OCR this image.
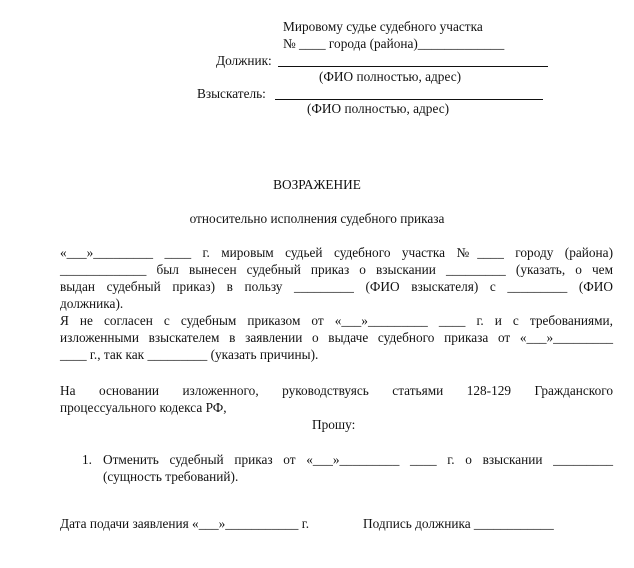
Мировому судье судебного участка
№ ____ города (района)_____________
Должник:
(ФИО полностью, адрес)
Взыскатель:
(ФИО полностью, адрес)
ВОЗРАЖЕНИЕ
относительно исполнения судебного приказа
«___»_________ ____ г. мировым судьей судебного участка №____ городу (района)
_____________ был вынесен судебный приказ о взыскании _________ (указать, о чем
выдан судебный приказ) в пользу _________ (ФИО взыскателя) с _________ (ФИО
должника).
Я не согласен с судебным приказом от «___»_________ ____ г. и с требованиями,
изложенными взыскателем в заявлении о выдаче судебного приказа от «___»_________
____ г., так как _________ (указать причины).
На основании изложенного, руководствуясь статьями 128-129 Гражданского
процессуального кодекса РФ,
Прошу:
1. Отменить судебный приказ от «___»_________ ____ г. о взыскании _________
(сущность требований).
Дата подачи заявления «___»___________ г.	Подпись должника ____________
